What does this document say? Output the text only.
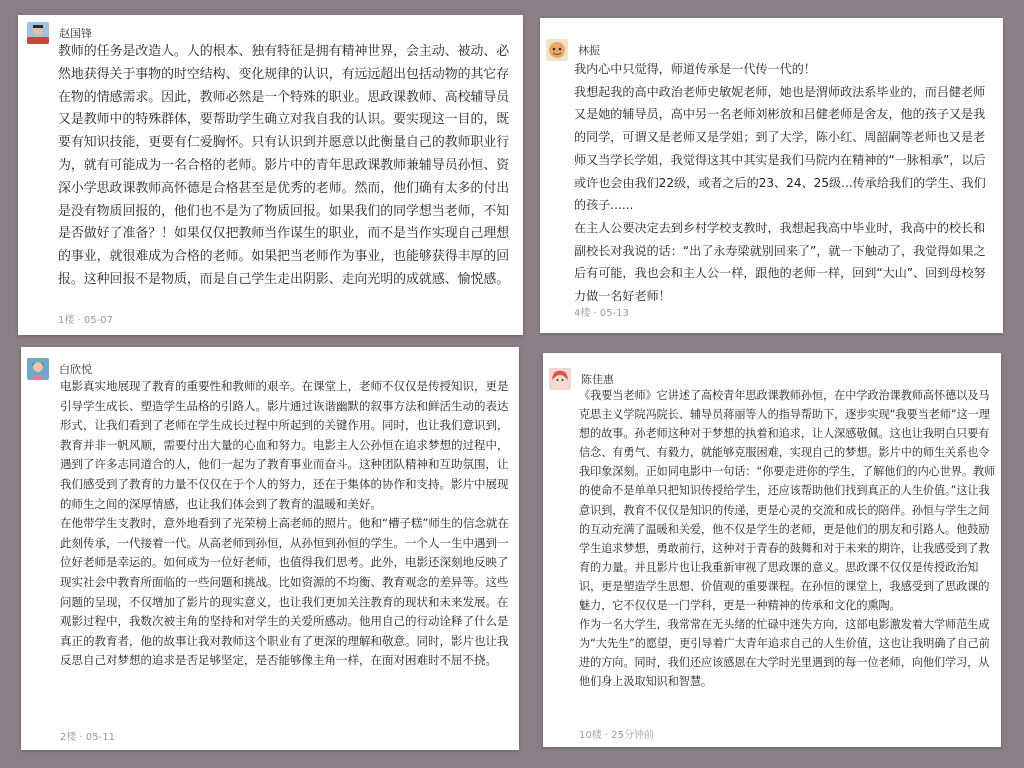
赵国锋

教师的任务是改造人。人的根本、独有特征是拥有精神世界，会主动、被动、必然地获得关于事物的时空结构、变化规律的认识，有远远超出包括动物的其它存在物的情感需求。因此，教师必然是一个特殊的职业。思政课教师、高校辅导员又是教师中的特殊群体，要帮助学生确立对我自我的认识。要实现这一目的，既要有知识技能，更要有仁爱胸怀。只有认识到并愿意以此衡量自己的教师职业行为，就有可能成为一名合格的老师。影片中的青年思政课教师兼辅导员孙恒、资深小学思政课教师高怀德是合格甚至是优秀的老师。然而，他们确有太多的付出是没有物质回报的，他们也不是为了物质回报。如果我们的同学想当老师，不知是否做好了准备？！如果仅仅把教师当作谋生的职业，而不是当作实现自己理想的事业，就很难成为合格的老师。如果把当老师作为事业，也能够获得丰厚的回报。这种回报不是物质，而是自己学生走出阴影、走向光明的成就感、愉悦感。

1楼 · 05-07
林振

我内心中只觉得，师道传承是一代传一代的！

我想起我的高中政治老师史敏妮老师，她也是渭师政法系毕业的，而吕健老师又是她的辅导员，高中另一名老师刘彬放和吕健老师是舍友，他的孩子又是我的同学，可谓又是老师又是学姐；到了大学，陈小红、周韶嗣等老师也又是老师又当学长学姐，我觉得这其中其实是我们马院内在精神的“一脉相承”，以后或许也会由我们22级，或者之后的23、24、25级...传承给我们的学生、我们的孩子......

在主人公要决定去到乡村学校支教时，我想起我高中毕业时，我高中的校长和副校长对我说的话：“出了永寿梁就别回来了”，就一下触动了，我觉得如果之后有可能，我也会和主人公一样，跟他的老师一样，回到“大山”、回到母校努力做一名好老师！

4楼 · 05-13
白欣悦

电影真实地展现了教育的重要性和教师的艰辛。在课堂上，老师不仅仅是传授知识，更是引导学生成长、塑造学生品格的引路人。影片通过诙谐幽默的叙事方法和鲜活生动的表达形式，让我们看到了老师在学生成长过程中所起到的关键作用。同时，也让我们意识到，教育并非一帆风顺，需要付出大量的心血和努力。电影主人公孙恒在追求梦想的过程中，遇到了许多志同道合的人，他们一起为了教育事业而奋斗。这种团队精神和互助氛围，让我们感受到了教育的力量不仅仅在于个人的努力，还在于集体的协作和支持。影片中展现的师生之间的深厚情感，也让我们体会到了教育的温暖和美好。

在他带学生支教时，意外地看到了光荣榜上高老师的照片。他和“槽子糕”师生的信念就在此刻传承，一代接着一代。从高老师到孙恒，从孙恒到孙恒的学生。一个人一生中遇到一位好老师是幸运的。如何成为一位好老师，也值得我们思考。此外，电影还深刻地反映了现实社会中教育所面临的一些问题和挑战。比如资源的不均衡、教育观念的差异等。这些问题的呈现，不仅增加了影片的现实意义，也让我们更加关注教育的现状和未来发展。在观影过程中，我数次被主角的坚持和对学生的关爱所感动。他用自己的行动诠释了什么是真正的教育者，他的故事让我对教师这个职业有了更深的理解和敬意。同时，影片也让我反思自己对梦想的追求是否足够坚定，是否能够像主角一样，在面对困难时不屈不挠。

2楼 · 05-11
陈佳惠

《我要当老师》它讲述了高校青年思政课教师孙恒，在中学政治课教师高怀德以及马克思主义学院冯院长、辅导员蒋丽等人的指导帮助下，逐步实现“我要当老师”这一理想的故事。孙老师这种对于梦想的执着和追求，让人深感敬佩。这也让我明白只要有信念、有勇气、有毅力，就能够克服困难，实现自己的梦想。影片中的师生关系也令我印象深刻。正如同电影中一句话：“你要走进你的学生，了解他们的内心世界。教师的使命不是单单只把知识传授给学生，还应该帮助他们找到真正的人生价值。”这让我意识到，教育不仅仅是知识的传递，更是心灵的交流和成长的陪伴。孙恒与学生之间的互动充满了温暖和关爱，他不仅是学生的老师，更是他们的朋友和引路人。他鼓励学生追求梦想，勇敢前行，这种对于青春的鼓舞和对于未来的期许，让我感受到了教育的力量。并且影片也让我重新审视了思政课的意义。思政课不仅仅是传授政治知识，更是塑造学生思想、价值观的重要课程。在孙恒的课堂上，我感受到了思政课的魅力，它不仅仅是一门学科，更是一种精神的传承和文化的熏陶。

作为一名大学生，我常常在无头绪的忙碌中迷失方向，这部电影激发着大学师范生成为“大先生”的愿望，更引导着广大青年追求自己的人生价值，这也让我明确了自己前进的方向。同时，我们还应该感恩在大学时光里遇到的每一位老师，向他们学习，从他们身上汲取知识和智慧。

10楼 · 25分钟前
